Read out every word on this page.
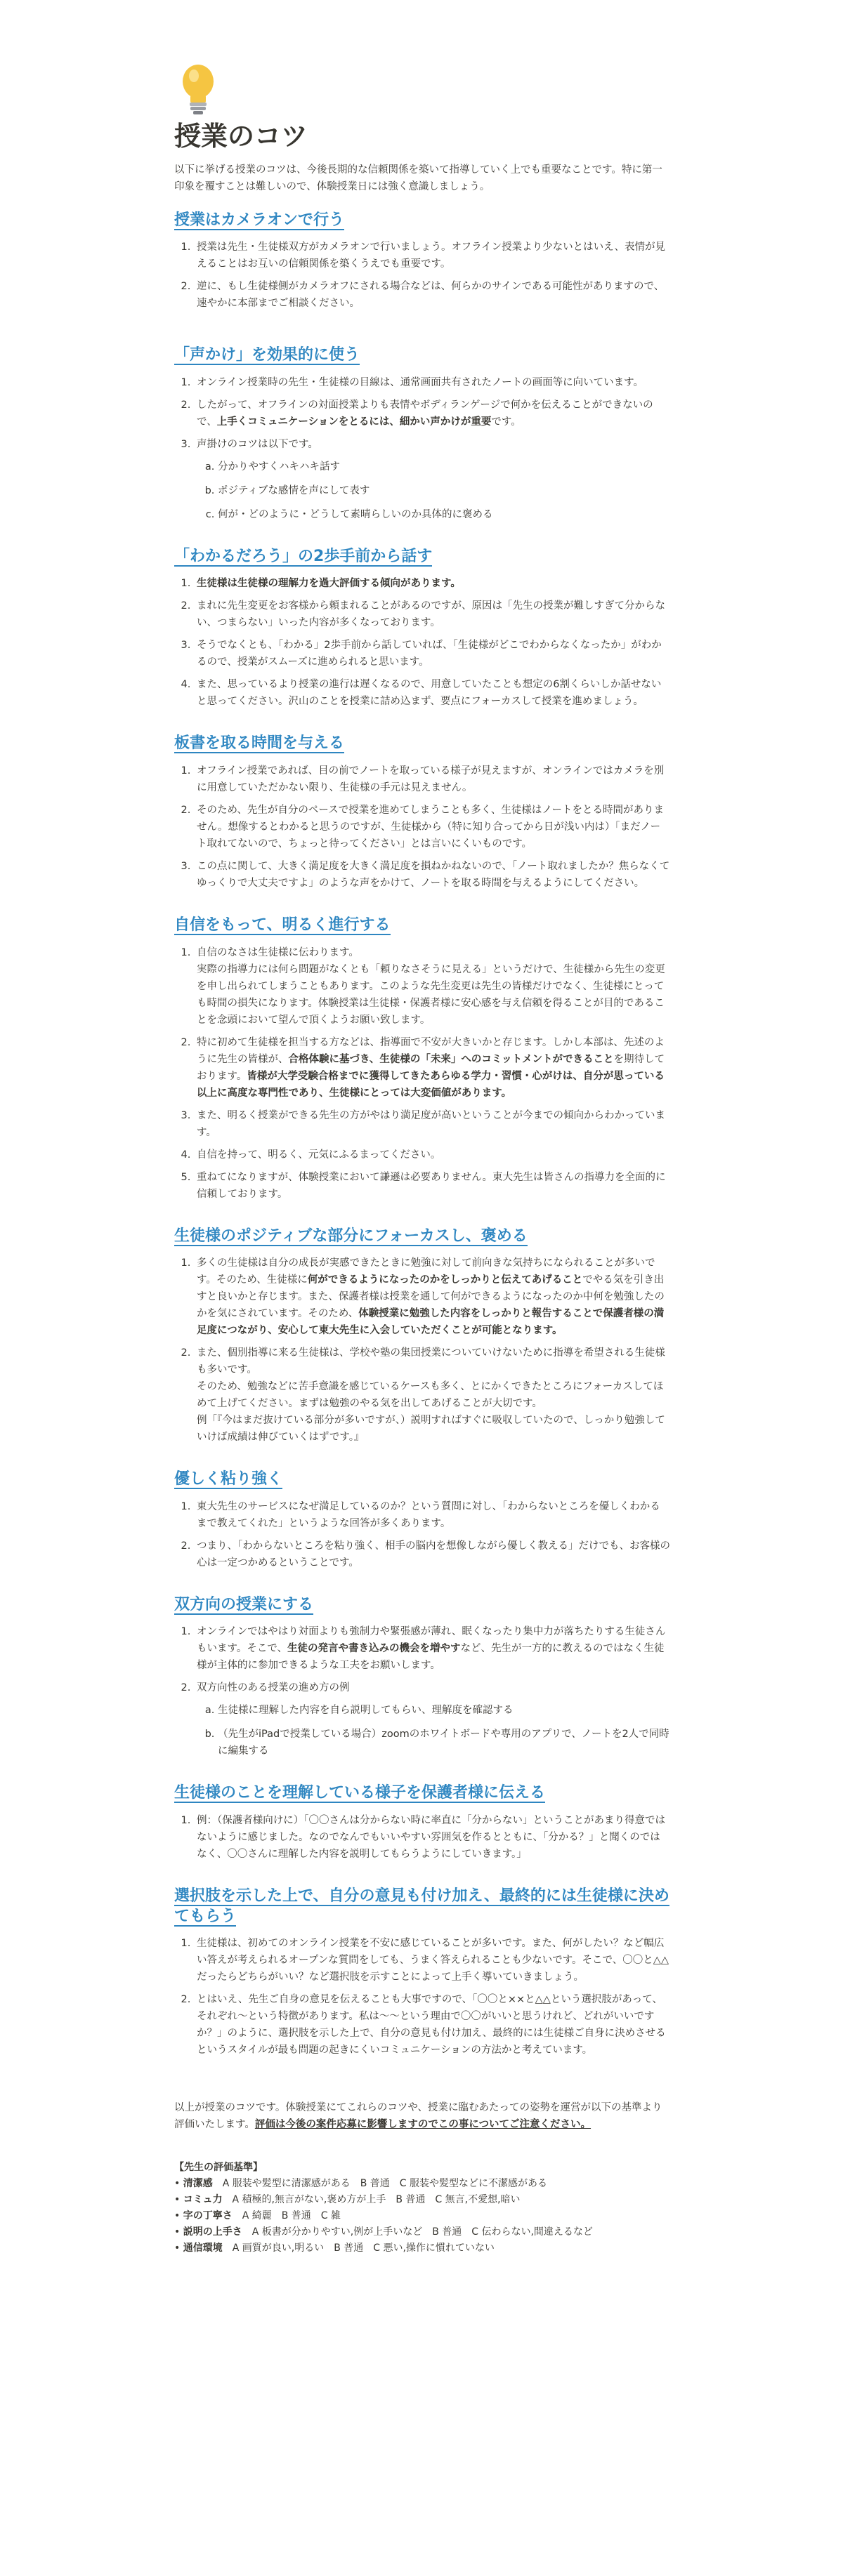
授業のコツ

以下に挙げる授業のコツは、今後長期的な信頼関係を築いて指導していく上でも重要なことです。特に第一印象を覆すことは難しいので、体験授業日には強く意識しましょう。

授業はカメラオンで行う
1. 授業は先生・生徒様双方がカメラオンで行いましょう。オフライン授業より少ないとはいえ、表情が見えることはお互いの信頼関係を築くうえでも重要です。
2. 逆に、もし生徒様側がカメラオフにされる場合などは、何らかのサインである可能性がありますので、速やかに本部までご相談ください。
「声かけ」を効果的に使う
1. オンライン授業時の先生・生徒様の目線は、通常画面共有されたノートの画面等に向いています。
2. したがって、オフラインの対面授業よりも表情やボディランゲージで何かを伝えることができないので、上手くコミュニケーションをとるには、細かい声かけが重要です。
3. 声掛けのコツは以下です。
a. 分かりやすくハキハキ話す
b. ポジティブな感情を声にして表す
c. 何が・どのように・どうして素晴らしいのか具体的に褒める
「わかるだろう」の2歩手前から話す
1. 生徒様は生徒様の理解力を過大評価する傾向があります。
2. まれに先生変更をお客様から頼まれることがあるのですが、原因は「先生の授業が難しすぎて分からない、つまらない」いった内容が多くなっております。
3. そうでなくとも、「わかる」2歩手前から話していれば、「生徒様がどこでわからなくなったか」がわかるので、授業がスムーズに進められると思います。
4. また、思っているより授業の進行は遅くなるので、用意していたことも想定の6割くらいしか話せないと思ってください。沢山のことを授業に詰め込まず、要点にフォーカスして授業を進めましょう。
板書を取る時間を与える
1. オフライン授業であれば、目の前でノートを取っている様子が見えますが、オンラインではカメラを別に用意していただかない限り、生徒様の手元は見えません。
2. そのため、先生が自分のペースで授業を進めてしまうことも多く、生徒様はノートをとる時間がありません。想像するとわかると思うのですが、生徒様から（特に知り合ってから日が浅い内は）「まだノート取れてないので、ちょっと待ってください」とは言いにくいものです。
3. この点に関して、大きく満足度を大きく満足度を損ねかねないので、「ノート取れましたか？焦らなくてゆっくりで大丈夫ですよ」のような声をかけて、ノートを取る時間を与えるようにしてください。
自信をもって、明るく進行する
1. 自信のなさは生徒様に伝わります。
実際の指導力には何ら問題がなくとも「頼りなさそうに見える」というだけで、生徒様から先生の変更を申し出られてしまうこともあります。このような先生変更は先生の皆様だけでなく、生徒様にとっても時間の損失になります。体験授業は生徒様・保護者様に安心感を与え信頼を得ることが目的であることを念頭において望んで頂くようお願い致します。
2. 特に初めて生徒様を担当する方などは、指導面で不安が大きいかと存じます。しかし本部は、先述のように先生の皆様が、合格体験に基づき、生徒様の「未来」へのコミットメントができることを期待しております。皆様が大学受験合格までに獲得してきたあらゆる学力・習慣・心がけは、自分が思っている以上に高度な専門性であり、生徒様にとっては大変価値があります。
3. また、明るく授業ができる先生の方がやはり満足度が高いということが今までの傾向からわかっています。
4. 自信を持って、明るく、元気にふるまってください。
5. 重ねてになりますが、体験授業において謙遜は必要ありません。東大先生は皆さんの指導力を全面的に信頼しております。
生徒様のポジティブな部分にフォーカスし、褒める
1. 多くの生徒様は自分の成長が実感できたときに勉強に対して前向きな気持ちになられることが多いです。そのため、生徒様に何ができるようになったのかをしっかりと伝えてあげることでやる気を引き出すと良いかと存じます。また、保護者様は授業を通して何ができるようになったのか中何を勉強したのかを気にされています。そのため、体験授業に勉強した内容をしっかりと報告することで保護者様の満足度につながり、安心して東大先生に入会していただくことが可能となります。
2. また、個別指導に来る生徒様は、学校や塾の集団授業についていけないために指導を希望される生徒様も多いです。
そのため、勉強などに苦手意識を感じているケースも多く、とにかくできたところにフォーカスしてほめて上げてください。まずは勉強のやる気を出してあげることが大切です。
例「『今はまだ抜けている部分が多いですが、）説明すればすぐに吸収していたので、しっかり勉強していけば成績は伸びていくはずです。』
優しく粘り強く
1. 東大先生のサービスになぜ満足しているのか？という質問に対し、「わからないところを優しくわかるまで教えてくれた」というような回答が多くあります。
2. つまり、「わからないところを粘り強く、相手の脳内を想像しながら優しく教える」だけでも、お客様の心は一定つかめるということです。
双方向の授業にする
1. オンラインではやはり対面よりも強制力や緊張感が薄れ、眠くなったり集中力が落ちたりする生徒さんもいます。そこで、生徒の発言や書き込みの機会を増やすなど、先生が一方的に教えるのではなく生徒様が主体的に参加できるような工夫をお願いします。
2. 双方向性のある授業の進め方の例
a. 生徒様に理解した内容を自ら説明してもらい、理解度を確認する
b. （先生がiPadで授業している場合）zoomのホワイトボードや専用のアプリで、ノートを2人で同時に編集する
生徒様のことを理解している様子を保護者様に伝える
1. 例：（保護者様向けに）「〇〇さんは分からない時に率直に「分からない」ということがあまり得意ではないように感じました。なのでなんでもいいやすい雰囲気を作るとともに、「分かる？」と聞くのではなく、〇〇さんに理解した内容を説明してもらうようにしていきます。」
選択肢を示した上で、自分の意見も付け加え、最終的には生徒様に決めてもらう
1. 生徒様は、初めてのオンライン授業を不安に感じていることが多いです。また、何がしたい？など幅広い答えが考えられるオープンな質問をしても、うまく答えられることも少ないです。そこで、〇〇と△△だったらどちらがいい？など選択肢を示すことによって上手く導いていきましょう。
2. とはいえ、先生ご自身の意見を伝えることも大事ですので、「〇〇と××と△△という選択肢があって、それぞれ〜という特徴があります。私は〜〜という理由で〇〇がいいと思うけれど、どれがいいですか？」のように、選択肢を示した上で、自分の意見も付け加え、最終的には生徒様ご自身に決めさせるというスタイルが最も問題の起きにくいコミュニケーションの方法かと考えています。

以上が授業のコツです。体験授業にてこれらのコツや、授業に臨むあたっての姿勢を運営が以下の基準より評価いたします。評価は今後の案件応募に影響しますのでこの事についてご注意ください。

【先生の評価基準】
• 清潔感　 A 服装や髪型に清潔感がある　B 普通　C 服装や髪型などに不潔感がある
• コミュ力　 A 積極的,無言がない,褒め方が上手　B 普通　C 無言,不愛想,暗い
• 字の丁寧さ　 A 綺麗　B 普通　C 雑
• 説明の上手さ　 A 板書が分かりやすい,例が上手いなど　B 普通　C 伝わらない,間違えるなど
• 通信環境　 A 画質が良い,明るい　B 普通　C 悪い,操作に慣れていない
